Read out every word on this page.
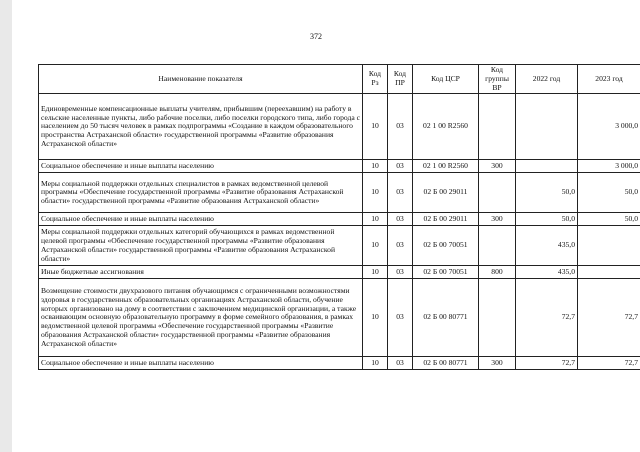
372
Наименование показателя	Код Рз	Код ПР	Код ЦСР	Код группы ВР	2022 год	2023 год
Единовременные компенсационные выплаты учителям, прибывшим (переехавшим) на работу в сельские населенные пункты, либо рабочие поселки, либо поселки городского типа, либо города с населением до 50 тысяч человек в рамках подпрограммы «Создание в каждом образовательного пространства Астраханской области» государственной программы «Развитие образования Астраханской области»	10	03	02 1 00 R2560			3 000,0
Социальное обеспечение и иные выплаты населению	10	03	02 1 00 R2560	300		3 000,0
Меры социальной поддержки отдельных специалистов в рамках ведомственной целевой программы «Обеспечение государственной программы «Развитие образования Астраханской области» государственной программы «Развитие образования Астраханской области»	10	03	02 Б 00 29011		50,0	50,0
Социальное обеспечение и иные выплаты населению	10	03	02 Б 00 29011	300	50,0	50,0
Меры социальной поддержки отдельных категорий обучающихся в рамках ведомственной целевой программы «Обеспечение государственной программы «Развитие образования Астраханской области» государственной программы «Развитие образования Астраханской области»	10	03	02 Б 00 70051		435,0	
Иные бюджетные ассигнования	10	03	02 Б 00 70051	800	435,0	
Возмещение стоимости двухразового питания обучающимся с ограниченными возможностями здоровья в государственных образовательных организациях Астраханской области, обучение которых организовано на дому в соответствии с заключением медицинской организации, а также осваивающим основную образовательную программу в форме семейного образования, в рамках ведомственной целевой программы «Обеспечение государственной программы «Развитие образования Астраханской области» государственной программы «Развитие образования Астраханской области»	10	03	02 Б 00 80771		72,7	72,7
Социальное обеспечение и иные выплаты населению	10	03	02 Б 00 80771	300	72,7	72,7
